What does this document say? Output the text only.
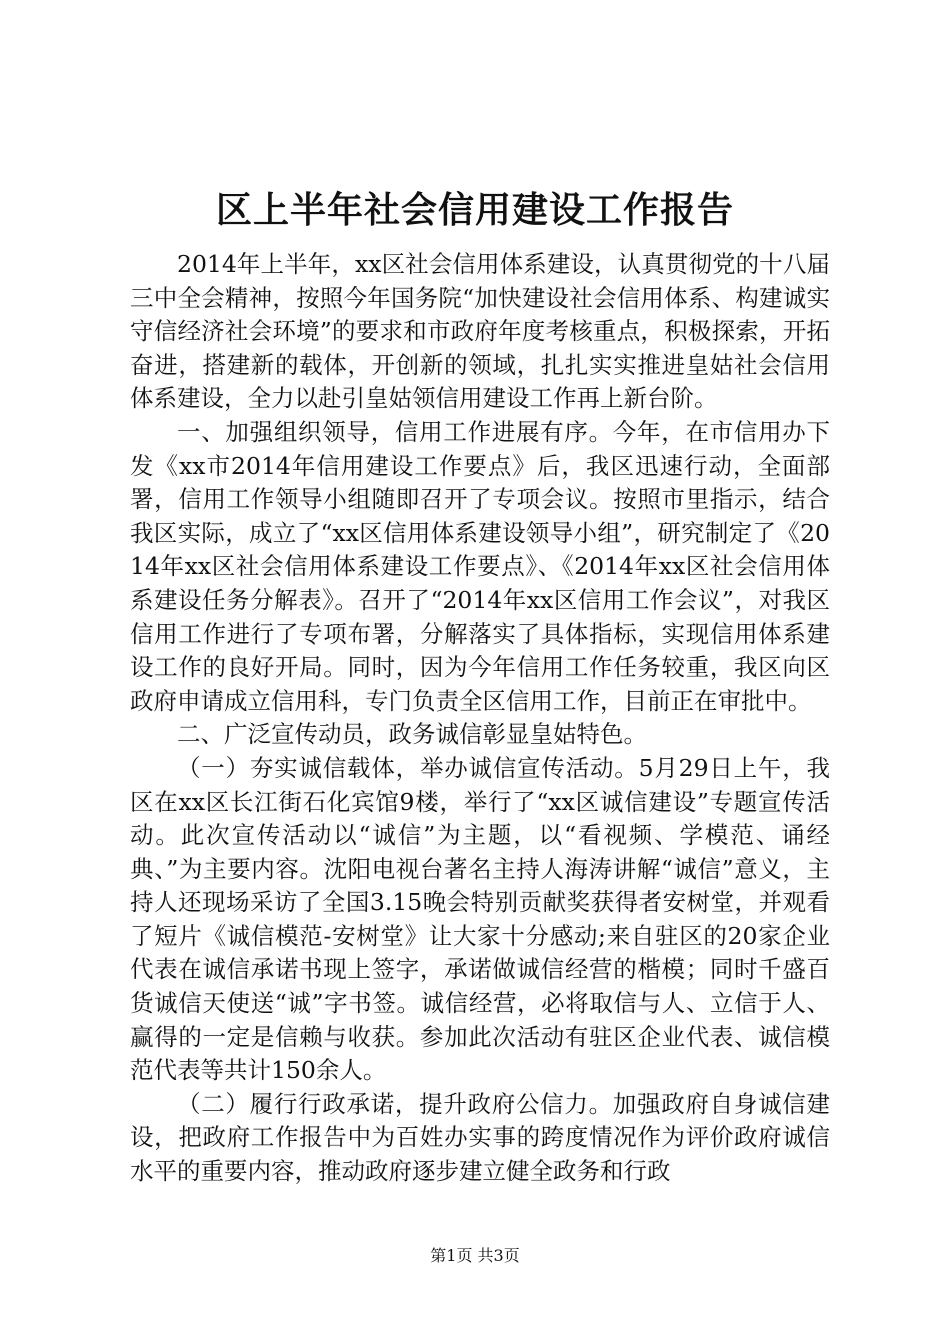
区上半年社会信用建设工作报告

2014年上半年，xx区社会信用体系建设，认真贯彻党的十八届三中全会精神，按照今年国务院“加快建设社会信用体系、构建诚实守信经济社会环境”的要求和市政府年度考核重点，积极探索，开拓奋进，搭建新的载体，开创新的领域，扎扎实实推进皇姑社会信用体系建设，全力以赴引皇姑领信用建设工作再上新台阶。

一、加强组织领导，信用工作进展有序。今年，在市信用办下发《xx市2014年信用建设工作要点》后，我区迅速行动，全面部署，信用工作领导小组随即召开了专项会议。按照市里指示，结合我区实际，成立了“xx区信用体系建设领导小组”，研究制定了《2014年xx区社会信用体系建设工作要点》、《2014年xx区社会信用体系建设任务分解表》。召开了“2014年xx区信用工作会议”，对我区信用工作进行了专项布署，分解落实了具体指标，实现信用体系建设工作的良好开局。同时，因为今年信用工作任务较重，我区向区政府申请成立信用科，专门负责全区信用工作，目前正在审批中。

二、广泛宣传动员，政务诚信彰显皇姑特色。

（一）夯实诚信载体，举办诚信宣传活动。5月29日上午，我区在xx区长江街石化宾馆9楼，举行了“xx区诚信建设”专题宣传活动。此次宣传活动以“诚信”为主题，以“看视频、学模范、诵经典、”为主要内容。沈阳电视台著名主持人海涛讲解“诚信”意义，主持人还现场采访了全国3.15晚会特别贡献奖获得者安树堂，并观看了短片《诚信模范-安树堂》让大家十分感动;来自驻区的20家企业代表在诚信承诺书现上签字，承诺做诚信经营的楷模；同时千盛百货诚信天使送“诚”字书签。诚信经营，必将取信与人、立信于人、赢得的一定是信赖与收获。参加此次活动有驻区企业代表、诚信模范代表等共计150余人。

（二）履行行政承诺，提升政府公信力。加强政府自身诚信建设，把政府工作报告中为百姓办实事的跨度情况作为评价政府诚信水平的重要内容，推动政府逐步建立健全政务和行政

第1页 共3页
